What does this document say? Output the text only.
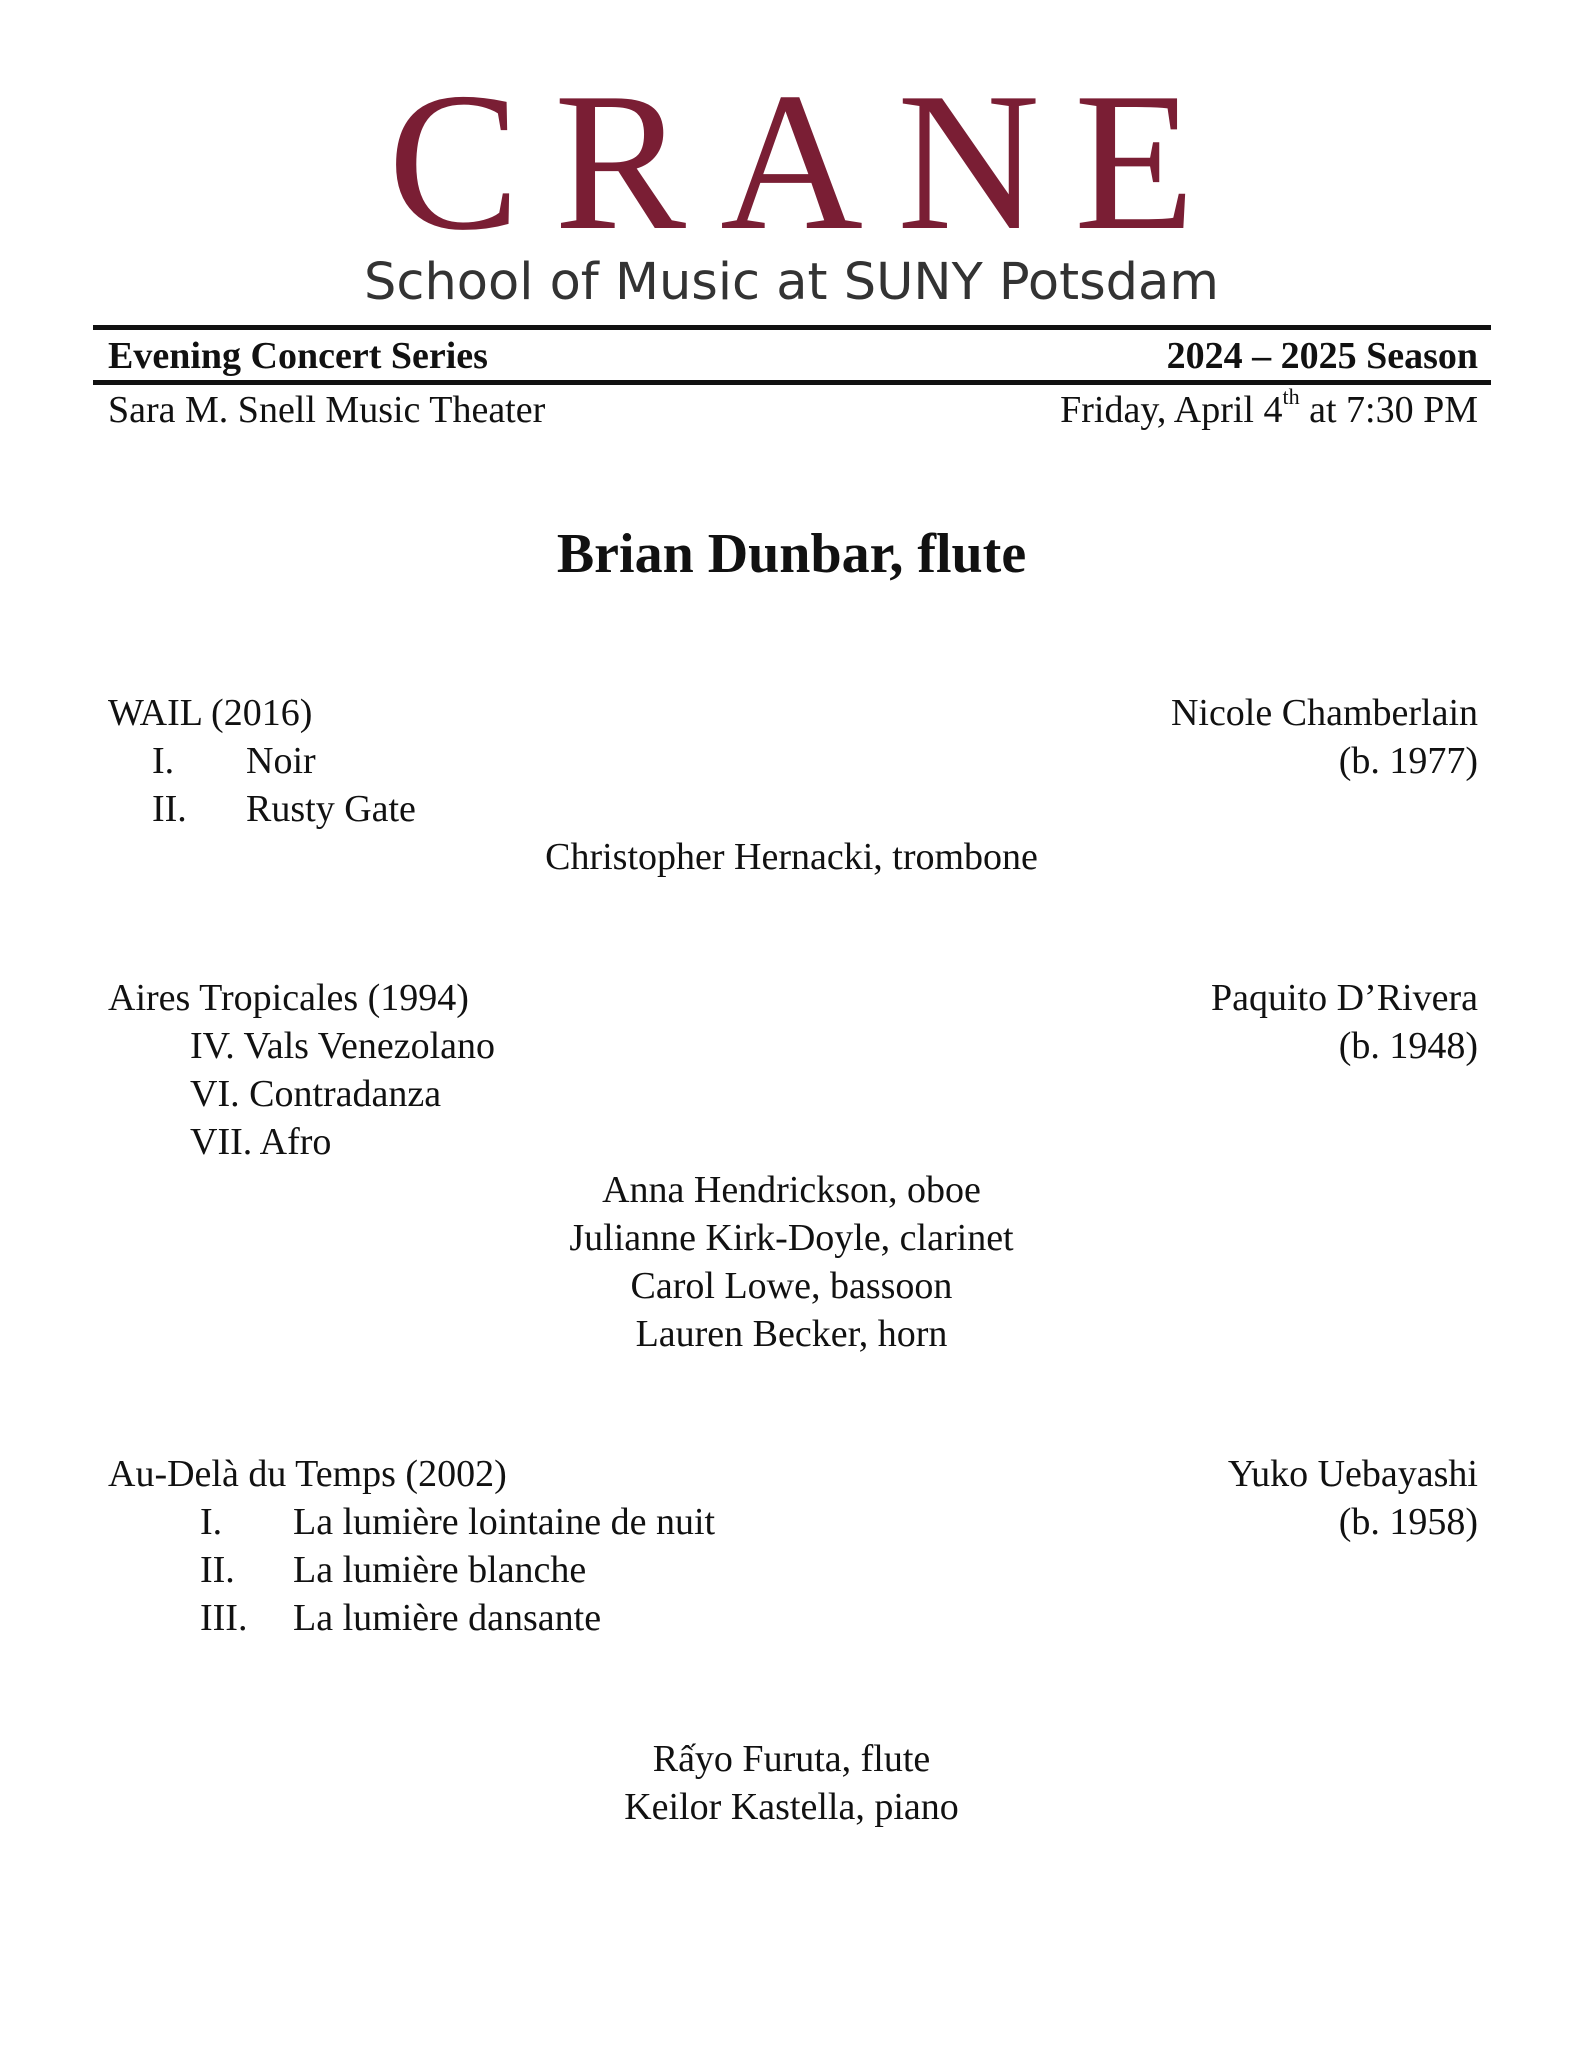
CRANE
School of Music at SUNY Potsdam
Evening Concert Series	2024 – 2025 Season
Sara M. Snell Music Theater	Friday, April 4th at 7:30 PM
Brian Dunbar, flute
WAIL (2016)	Nicole Chamberlain
(b. 1977)
I. Noir
II. Rusty Gate
Christopher Hernacki, trombone
Aires Tropicales (1994)	Paquito D’Rivera
(b. 1948)
IV. Vals Venezolano
VI. Contradanza
VII. Afro
Anna Hendrickson, oboe
Julianne Kirk-Doyle, clarinet
Carol Lowe, bassoon
Lauren Becker, horn
Au-Delà du Temps (2002)	Yuko Uebayashi
(b. 1958)
I. La lumière lointaine de nuit
II. La lumière blanche
III. La lumière dansante
Rấyo Furuta, flute
Keilor Kastella, piano
